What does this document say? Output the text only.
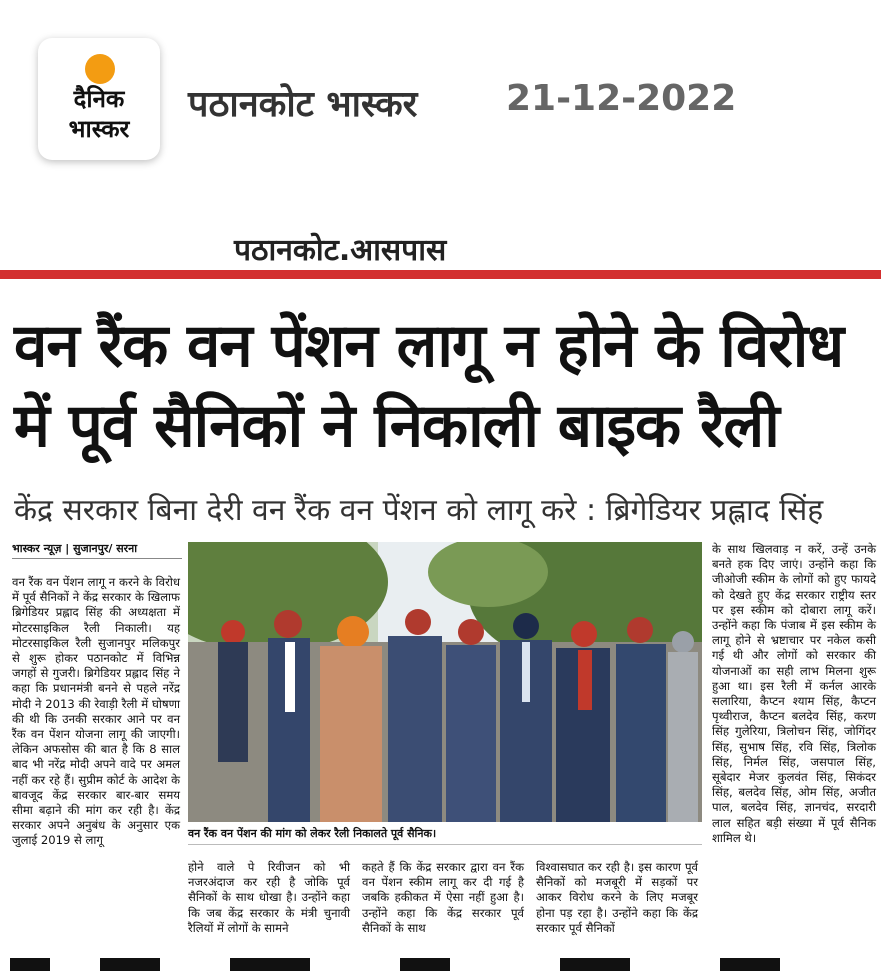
दैनिक
भास्कर
पठानकोट भास्कर 21-12-2022
पठानकोट.आसपास
वन रैंक वन पेंशन लागू न होने के विरोध में पूर्व सैनिकों ने निकाली बाइक रैली
केंद्र सरकार बिना देरी वन रैंक वन पेंशन को लागू करे : ब्रिगेडियर प्रह्लाद सिंह
भास्कर न्यूज़ | सुजानपुर/ सरना
वन रैंक वन पेंशन लागू न करने के विरोध में पूर्व सैनिकों ने केंद्र सरकार के खिलाफ ब्रिगेडियर प्रह्लाद सिंह की अध्यक्षता में मोटरसाइकिल रैली निकाली। यह मोटरसाइकिल रैली सुजानपुर मलिकपुर से शुरू होकर पठानकोट में विभिन्न जगहों से गुजरी। ब्रिगेडियर प्रह्लाद सिंह ने कहा कि प्रधानमंत्री बनने से पहले नरेंद्र मोदी ने 2013 की रेवाड़ी रैली में घोषणा की थी कि उनकी सरकार आने पर वन रैंक वन पेंशन योजना लागू की जाएगी। लेकिन अफसोस की बात है कि 8 साल बाद भी नरेंद्र मोदी अपने वादे पर अमल नहीं कर रहे हैं। सुप्रीम कोर्ट के आदेश के बावजूद केंद्र सरकार बार-बार समय सीमा बढ़ाने की मांग कर रही है। केंद्र सरकार अपने अनुबंध के अनुसार एक जुलाई 2019 से लागू	वन रैंक वन पेंशन की मांग को लेकर रैली निकालते पूर्व सैनिक।
होने वाले पे रिवीजन को भी नजरअंदाज कर रही है जोकि पूर्व सैनिकों के साथ धोखा है। उन्होंने कहा कि जब केंद्र सरकार के मंत्री चुनावी रैलियों में लोगों के सामने
कहते हैं कि केंद्र सरकार द्वारा वन रैंक वन पेंशन स्कीम लागू कर दी गई है जबकि हकीकत में ऐसा नहीं हुआ है। उन्होंने कहा कि केंद्र सरकार पूर्व सैनिकों के साथ
विश्वासघात कर रही है। इस कारण पूर्व सैनिकों को मजबूरी में सड़कों पर आकर विरोध करने के लिए मजबूर होना पड़ रहा है। उन्होंने कहा कि केंद्र सरकार पूर्व सैनिकों
के साथ खिलवाड़ न करें, उन्हें उनके बनते हक दिए जाएं। उन्होंने कहा कि जीओजी स्कीम के लोगों को हुए फायदे को देखते हुए केंद्र सरकार राष्ट्रीय स्तर पर इस स्कीम को दोबारा लागू करें। उन्होंने कहा कि पंजाब में इस स्कीम के लागू होने से भ्रष्टाचार पर नकेल कसी गई थी और लोगों को सरकार की योजनाओं का सही लाभ मिलना शुरू हुआ था। इस रैली में कर्नल आरके सलारिया, कैप्टन श्याम सिंह, कैप्टन पृथ्वीराज, कैप्टन बलदेव सिंह, करण सिंह गुलेरिया, त्रिलोचन सिंह, जोगिंदर सिंह, सुभाष सिंह, रवि सिंह, त्रिलोक सिंह, निर्मल सिंह, जसपाल सिंह, सूबेदार मेजर कुलवंत सिंह, सिकंदर सिंह, बलदेव सिंह, ओम सिंह, अजीत पाल, बलदेव सिंह, ज्ञानचंद, सरदारी लाल सहित बड़ी संख्या में पूर्व सैनिक शामिल थे।
